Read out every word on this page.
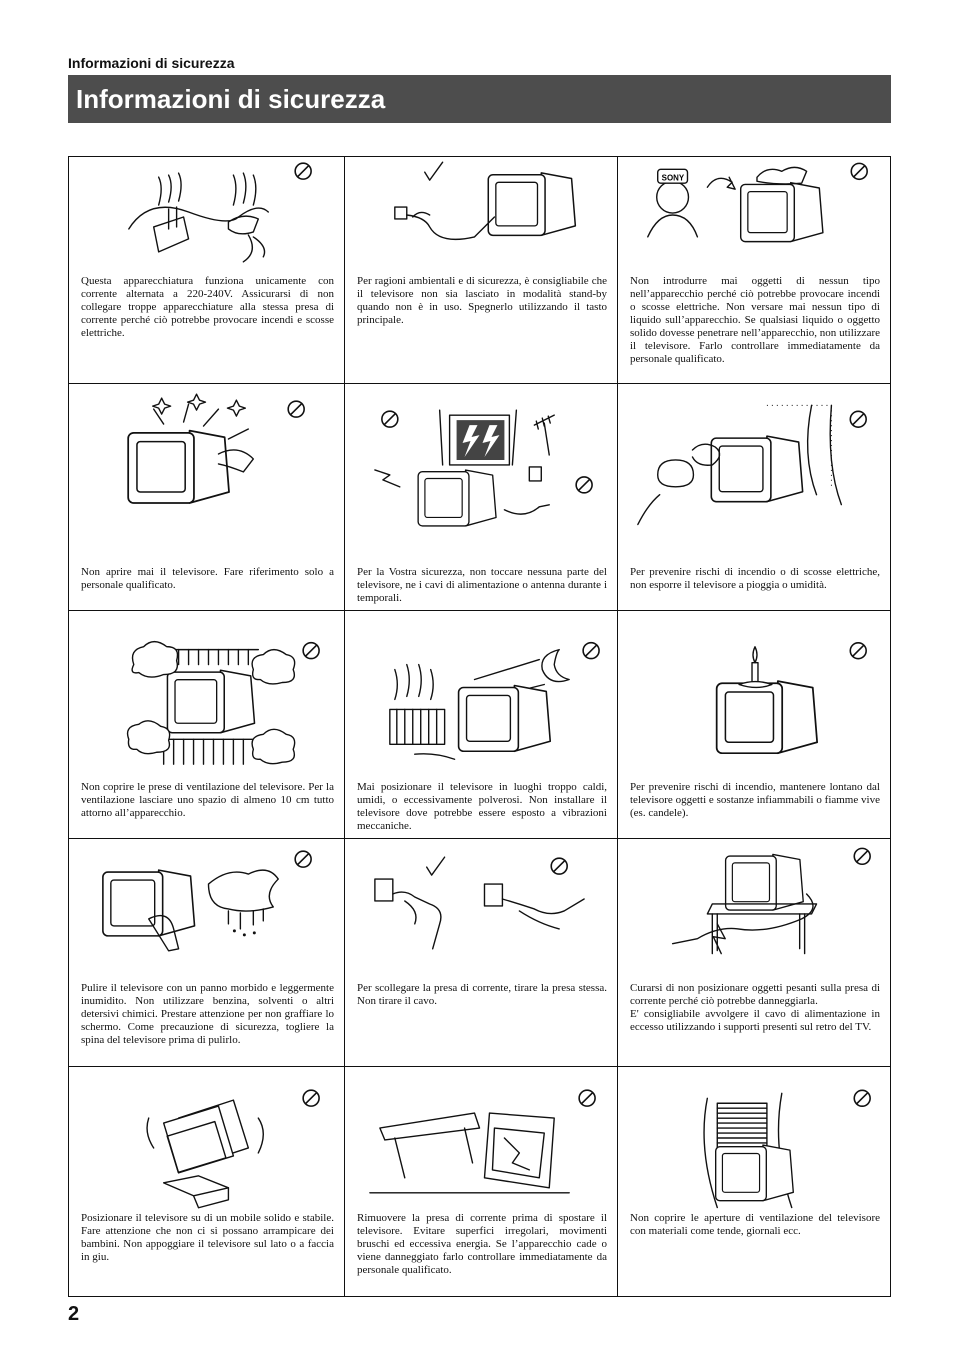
Informazioni di sicurezza
Informazioni di sicurezza
Questa apparecchiatura funziona unicamente con corrente alternata a 220-240V. Assicurarsi di non collegare troppe apparecchiature alla stessa presa di corrente perché ciò potrebbe provocare incendi e scosse elettriche.
Per ragioni ambientali e di sicurezza, è consigliabile che il televisore non sia lasciato in modalità stand-by quando non è in uso. Spegnerlo utilizzando il tasto principale.
SONY
Non introdurre mai oggetti di nessun tipo nell’apparecchio perché ciò potrebbe provocare incendi o scosse elettriche. Non versare mai nessun tipo di liquido sull’apparecchio. Se qualsiasi liquido o oggetto solido dovesse penetrare nell’apparecchio, non utilizzare il televisore. Farlo controllare immediatamente da personale qualificato.
Non aprire mai il televisore. Fare riferimento solo a personale qualificato.
Per la Vostra sicurezza, non toccare nessuna parte del televisore, ne i cavi di alimentazione o antenna durante i temporali.
Per prevenire rischi di incendio o di scosse elettriche, non esporre il televisore a pioggia o umidità.
Non coprire le prese di ventilazione del televisore. Per la ventilazione lasciare uno spazio di almeno 10 cm tutto attorno all’apparecchio.
Mai posizionare il televisore in luoghi troppo caldi, umidi, o eccessivamente polverosi. Non installare il televisore dove potrebbe essere esposto a vibrazioni meccaniche.
Per prevenire rischi di incendio, mantenere lontano dal televisore oggetti e sostanze infiammabili o fiamme vive (es. candele).
Pulire il televisore con un panno morbido e leggermente inumidito. Non utilizzare benzina, solventi o altri detersivi chimici. Prestare attenzione per non graffiare lo schermo. Come precauzione di sicurezza, togliere la spina del televisore prima di pulirlo.
Per scollegare la presa di corrente, tirare la presa stessa. Non tirare il cavo.
Curarsi di non posizionare oggetti pesanti sulla presa di corrente perché ciò potrebbe danneggiarla.
E' consigliabile avvolgere il cavo di alimentazione in eccesso utilizzando i supporti presenti sul retro del TV.
Posizionare il televisore su di un mobile solido e stabile. Fare attenzione che non ci si possano arrampicare dei bambini. Non appoggiare il televisore sul lato o a faccia in giu.
Rimuovere la presa di corrente prima di spostare il televisore. Evitare superfici irregolari, movimenti bruschi ed eccessiva energia. Se l’apparecchio cade o viene danneggiato farlo controllare immediatamente da personale qualificato.
Non coprire le aperture di ventilazione del televisore con materiali come tende, giornali ecc.
2
